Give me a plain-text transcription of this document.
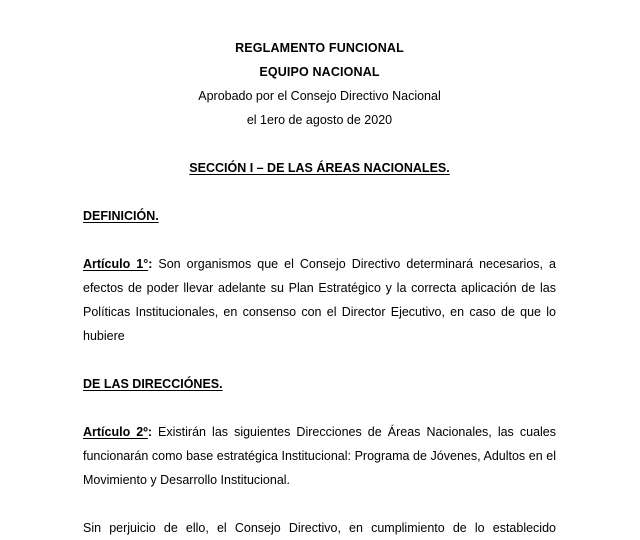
REGLAMENTO FUNCIONAL
EQUIPO NACIONAL
Aprobado por el Consejo Directivo Nacional
el 1ero de agosto de 2020
SECCIÓN I – DE LAS ÁREAS NACIONALES.
DEFINICIÓN.

Artículo 1°: Son organismos que el Consejo Directivo determinará necesarios, a efectos de poder llevar adelante su Plan Estratégico y la correcta aplicación de las Políticas Institucionales, en consenso con el Director Ejecutivo, en caso de que lo hubiere

DE LAS DIRECCIÓNES.

Artículo 2º: Existirán las siguientes Direcciones de Áreas Nacionales, las cuales funcionarán como base estratégica Institucional: Programa de Jóvenes, Adultos en el Movimiento y Desarrollo Institucional.

Sin perjuicio de ello, el Consejo Directivo, en cumplimiento de lo establecido
